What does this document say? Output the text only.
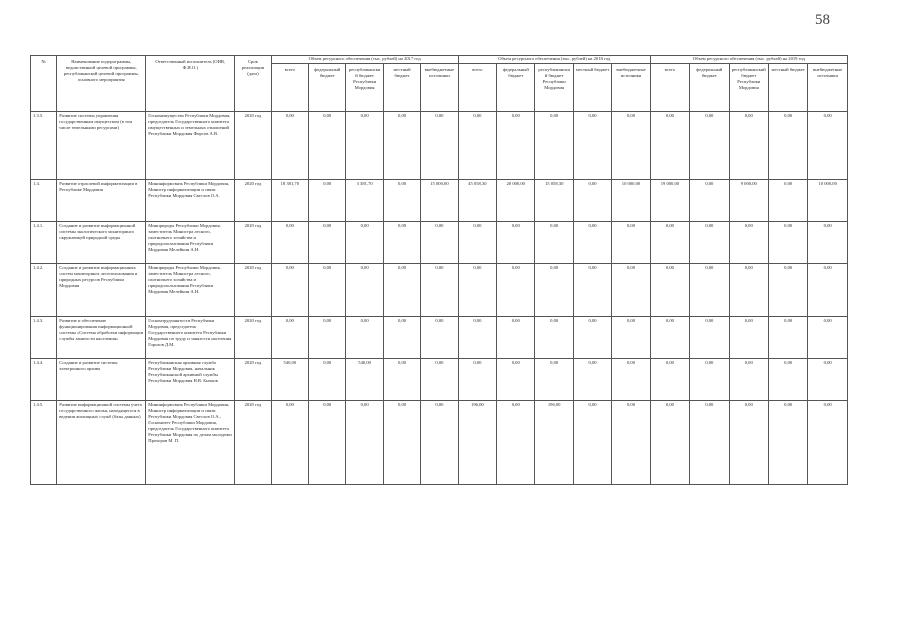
58
№	Наименование подпрограммы, ведомственной целевой программы, республиканской целевой программы, основного мероприятия	Ответственный исполнитель (ОИВ, Ф.И.О.)	Срок реализации (дата)	Объем ресурсного обеспечения (тыс. рублей) на 2017 год					Объем ресурсного обеспечения (тыс. рублей) на 2018 год					Объем ресурсного обеспечения (тыс. рублей) на 2019 год				
				всего	федеральный бюджет	республиканский бюджет Республики Мордовия	местный бюджет	внебюджетные источники	всего	федеральный бюджет	республиканский бюджет Республики Мордовия	местный бюджет	внебюджетные источники	всего	федеральный бюджет	республиканский бюджет Республики Мордовия	местный бюджет	внебюджетные источники
1.3.5.	Развитие системы управления государственным имуществом (в том числе земельными ресурсами)	Госкомимущество Республики Мордовия, председатель Государственного комитета имущественных и земельных отношений Республики Мордовия Фирсов А.В.	2020 год	0,00	0,00	0,00	0,00	0,00	0,00	0,00	0,00	0,00	0,00	0,00	0,00	0,00	0,00	0,00
1.4.	Развитие отраслевой информатизации в Республике Мордовия	Мининформсвязь Республики Мордовия, Министр информатизации и связи Республики Мордовия Свеслов О.А.	2020 год	18 381,70	0,00	3 381,70	0,00	15 000,00	45 058,30	20 000,00	15 058,30	0,00	10 000,00	19 000,00	0,00	9 000,00	0,00	10 000,00
1.4.1.	Создание и развитие информационной системы экологического мониторинга окружающей природной среды	Минприроды Республики Мордовия, заместитель Министра лесного, охотничьего хозяйства и природопользования Республики Мордовия Мелейкин А.Н.	2020 год	0,00	0,00	0,00	0,00	0,00	0,00	0,00	0,00	0,00	0,00	0,00	0,00	0,00	0,00	0,00
1.4.2.	Создание и развитие информационных систем мониторинга лесопользования и природных ресурсов Республики Мордовия	Минприроды Республики Мордовия, заместитель Министра лесного, охотничьего хозяйства и природопользования Республики Мордовия Мелейкин А.Н.	2020 год	0,00	0,00	0,00	0,00	0,00	0,00	0,00	0,00	0,00	0,00	0,00	0,00	0,00	0,00	0,00
1.4.3.	Развитие и обеспечение функционирования информационной системы «Система обработки информации службы занятости населения»	Госкомтрудзанятости Республики Мордовия, председатель Государственного комитета Республики Мордовия по труду и занятости населения Горохов Д.М.	2020 год	0,00	0,00	0,00	0,00	0,00	0,00	0,00	0,00	0,00	0,00	0,00	0,00	0,00	0,00	0,00
1.4.4.	Создание и развитие системы электронного архива	Республиканская архивная служба Республики Мордовия, начальник Республиканской архивной службы Республики Мордовия Н.В. Бычков	2020 год	540,00	0,00	540,00	0,00	0,00	0,00	0,00	0,00	0,00	0,00	0,00	0,00	0,00	0,00	0,00
1.4.5.	Развитие информационной системы учета государственного жилья, находящегося в ведении жилищных служб (базы данных)	Мининформсвязь Республики Мордовия, Министр информатизации и связи Республики Мордовия Свеслов О.А., Госкомитет Республики Мордовия, председатель Государственного комитета Республики Мордовия по делам молодежи Прохоров М. П.	2020 год	0,00	0,00	0,00	0,00	0,00	196,00	0,00	196,00	0,00	0,00	0,00	0,00	0,00	0,00	0,00
